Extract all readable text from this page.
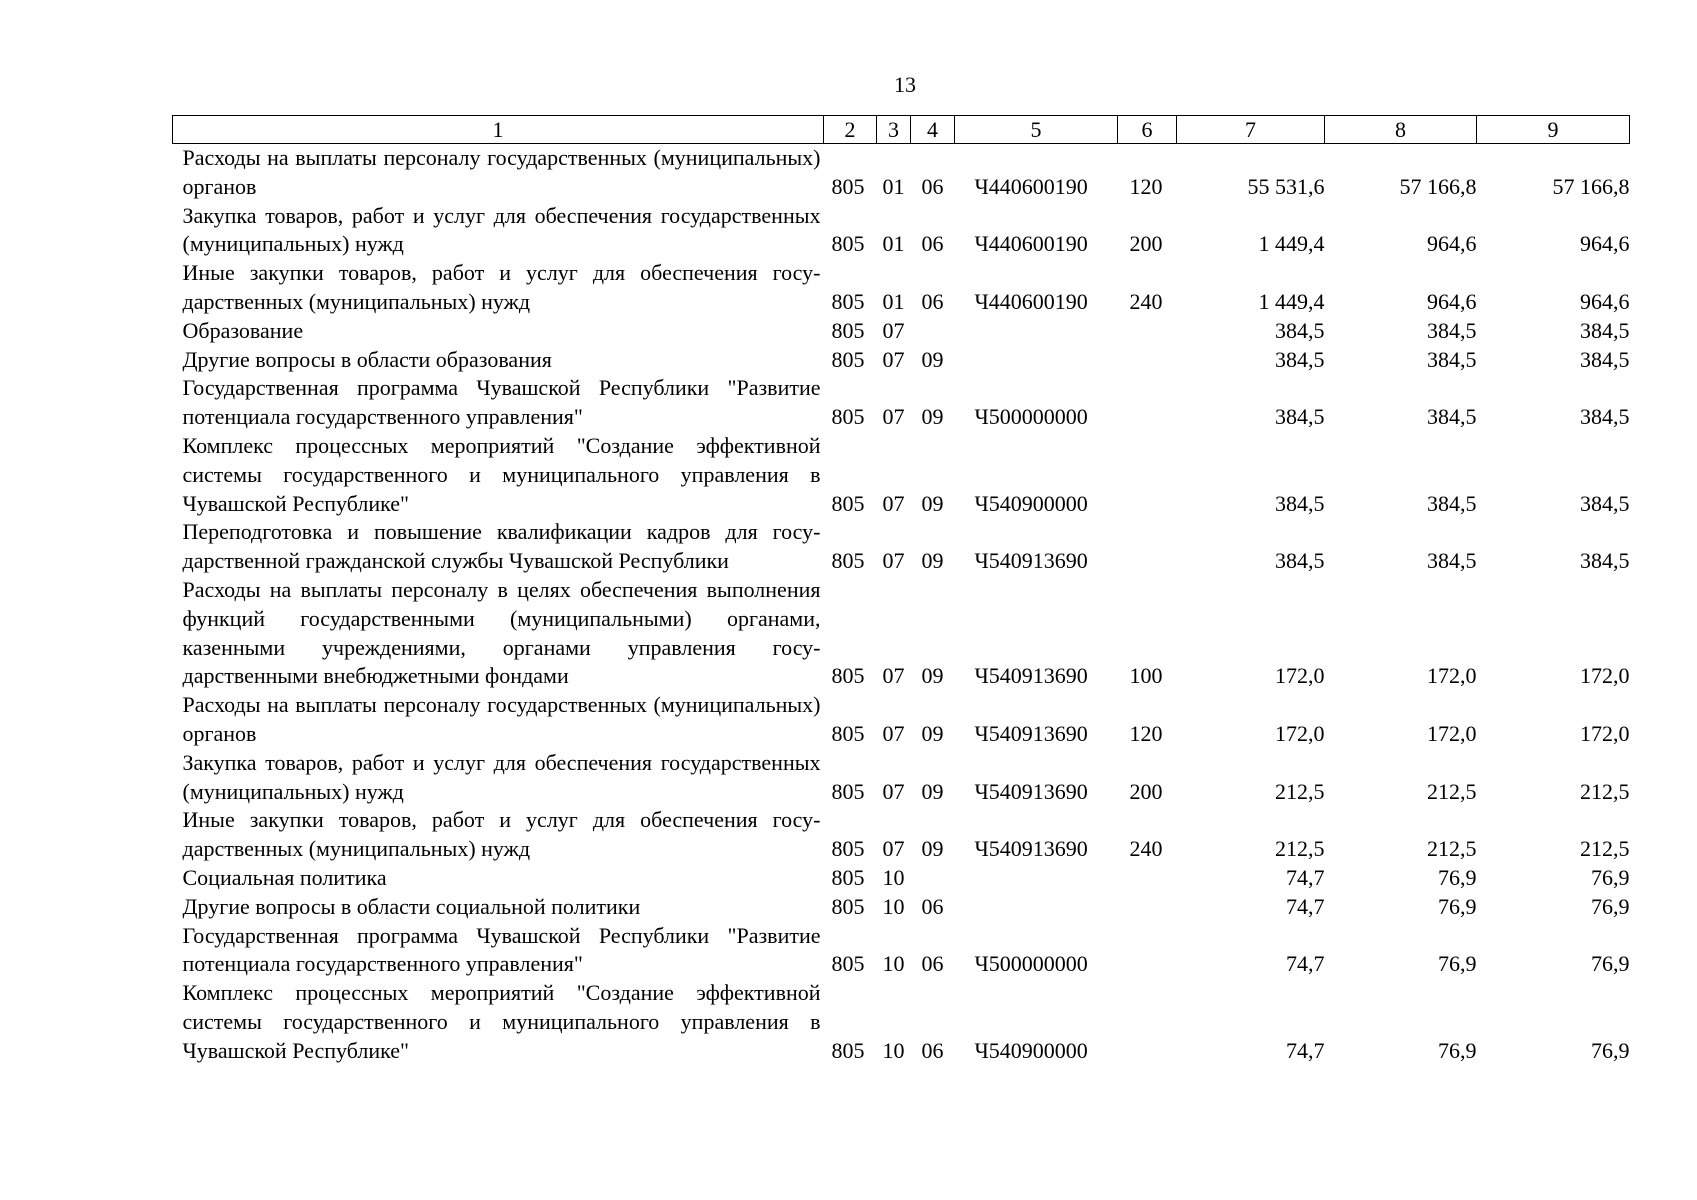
13
1	2	3	4	5	6	7	8	9
Расходы на выплаты персоналу государственных (муниципальных) органов	805	01	06	Ч440600190	120	55 531,6	57 166,8	57 166,8
Закупка товаров, работ и услуг для обеспечения государственных (муниципальных) нужд	805	01	06	Ч440600190	200	1 449,4	964,6	964,6
Иные закупки товаров, работ и услуг для обеспечения государственных (муниципальных) нужд	805	01	06	Ч440600190	240	1 449,4	964,6	964,6
Образование	805	07				384,5	384,5	384,5
Другие вопросы в области образования	805	07	09			384,5	384,5	384,5
Государственная программа Чувашской Республики "Развитие потенциала государственного управления"	805	07	09	Ч500000000		384,5	384,5	384,5
Комплекс процессных мероприятий "Создание эффективной системы государственного и муниципального управления в Чувашской Республике"	805	07	09	Ч540900000		384,5	384,5	384,5
Переподготовка и повышение квалификации кадров для государственной гражданской службы Чувашской Республики	805	07	09	Ч540913690		384,5	384,5	384,5
Расходы на выплаты персоналу в целях обеспечения выполнения функций государственными (муниципальными) органами, казенными учреждениями, органами управления государственными внебюджетными фондами	805	07	09	Ч540913690	100	172,0	172,0	172,0
Расходы на выплаты персоналу государственных (муниципальных) органов	805	07	09	Ч540913690	120	172,0	172,0	172,0
Закупка товаров, работ и услуг для обеспечения государственных (муниципальных) нужд	805	07	09	Ч540913690	200	212,5	212,5	212,5
Иные закупки товаров, работ и услуг для обеспечения государственных (муниципальных) нужд	805	07	09	Ч540913690	240	212,5	212,5	212,5
Социальная политика	805	10				74,7	76,9	76,9
Другие вопросы в области социальной политики	805	10	06			74,7	76,9	76,9
Государственная программа Чувашской Республики "Развитие потенциала государственного управления"	805	10	06	Ч500000000		74,7	76,9	76,9
Комплекс процессных мероприятий "Создание эффективной системы государственного и муниципального управления в Чувашской Республике"	805	10	06	Ч540900000		74,7	76,9	76,9
